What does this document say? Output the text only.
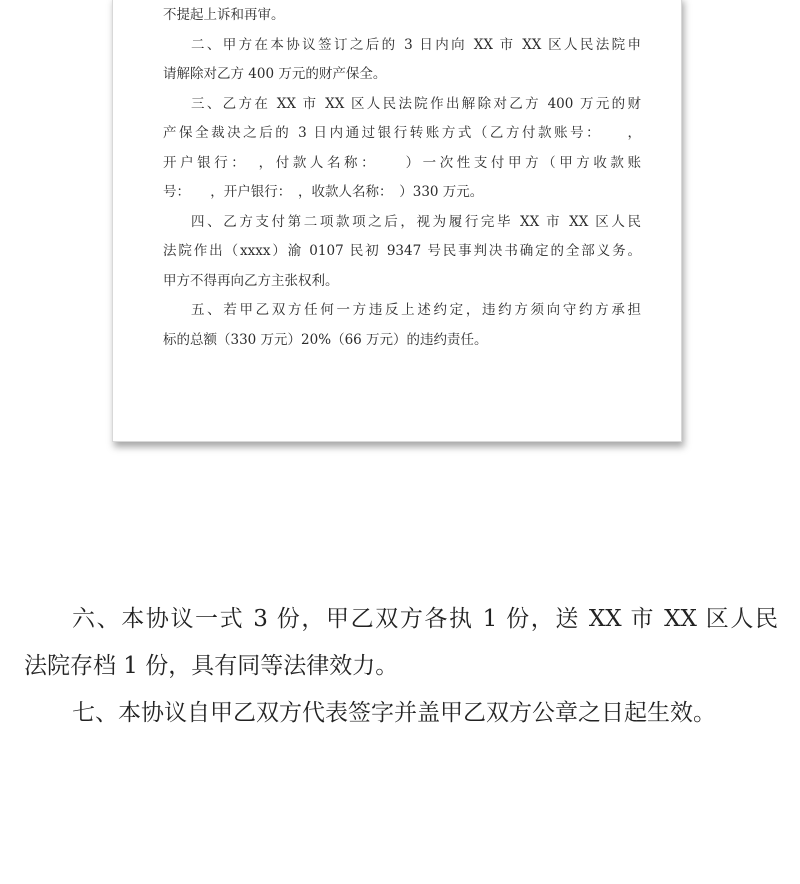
不提起上诉和再审。
二、甲方在本协议签订之后的 3 日内向 XX 市 XX 区人民法院申
请解除对乙方 400 万元的财产保全。
三、乙方在 XX 市 XX 区人民法院作出解除对乙方 400 万元的财
产保全裁决之后的 3 日内通过银行转账方式（乙方付款账号：　　，
开户银行：　，付款人名称：　　）一次性支付甲方（甲方收款账
号：　　，开户银行：　，收款人名称：　）330 万元。
四、乙方支付第二项款项之后，视为履行完毕 XX 市 XX 区人民
法院作出（xxxx）渝 0107 民初 9347 号民事判决书确定的全部义务。
甲方不得再向乙方主张权利。
五、若甲乙双方任何一方违反上述约定，违约方须向守约方承担
标的总额（330 万元）20%（66 万元）的违约责任。
六、本协议一式 3 份，甲乙双方各执 1 份，送 XX 市 XX 区人民
法院存档 1 份，具有同等法律效力。
七、本协议自甲乙双方代表签字并盖甲乙双方公章之日起生效。
